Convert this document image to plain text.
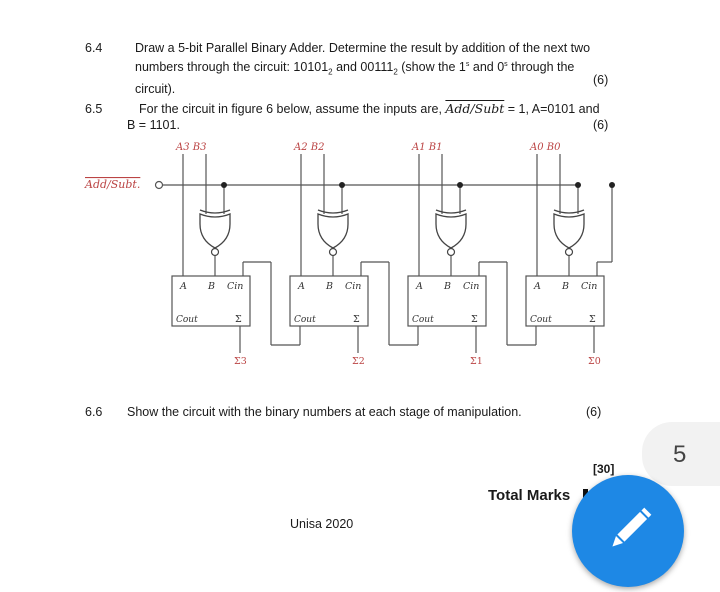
6.4	Draw a 5-bit Parallel Binary Adder. Determine the result by addition of the next two
numbers through the circuit: $10101_2$ and $00111_2$ (show the 1$^s$ and 0$^s$ through the
circuit).
(6)
6.5	For the circuit in figure 6 below, assume the inputs are, Add/Subt = 1, A=0101 and
B = 1101.	(6)
Add/Subt.
A3 B3
A B Cin
Cout	Σ
Σ3
A2 B2
A B Cin
Cout	Σ
Σ2
A1 B1
A B Cin
Cout	Σ
Σ1
A0 B0
A B Cin
Cout	Σ
Σ0
6.6 Show the circuit with the binary numbers at each stage of manipulation.	(6)
5
[30]
Total Marks
Unisa 2020
